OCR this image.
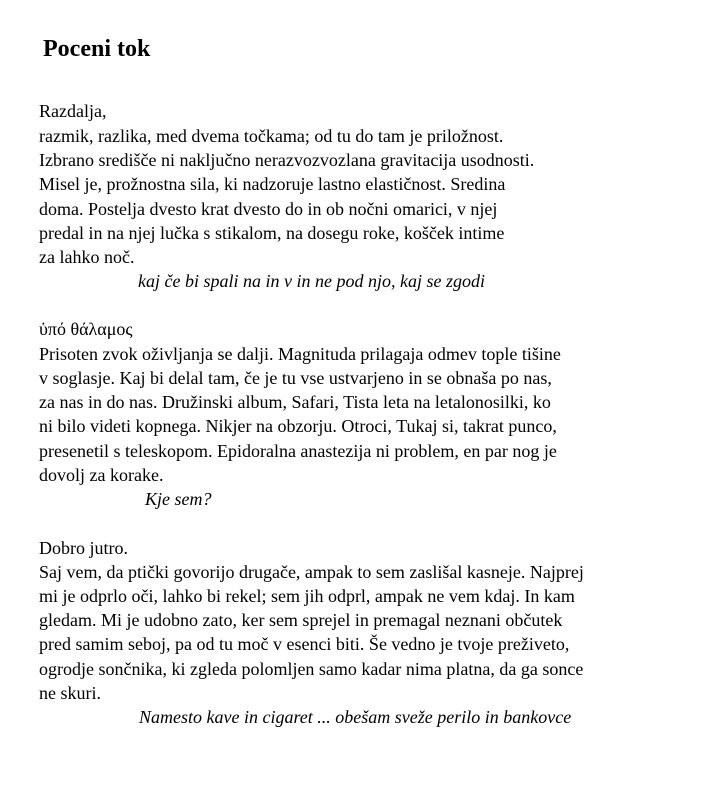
Poceni tok
Razdalja,
razmik, razlika, med dvema točkama; od tu do tam je priložnost.
Izbrano središče ni naključno nerazvozvozlana gravitacija usodnosti.
Misel je, prožnostna sila, ki nadzoruje lastno elastičnost. Sredina
doma. Postelja dvesto krat dvesto do in ob nočni omarici, v njej
predal in na njej lučka s stikalom, na dosegu roke, košček intime
za lahko noč.
kaj če bi spali na in v in ne pod njo, kaj se zgodi
ὑπό θάλαμος
Prisoten zvok oživljanja se dalji. Magnituda prilagaja odmev tople tišine
v soglasje. Kaj bi delal tam, če je tu vse ustvarjeno in se obnaša po nas,
za nas in do nas. Družinski album, Safari, Tista leta na letalonosilki, ko
ni bilo videti kopnega. Nikjer na obzorju. Otroci, Tukaj si, takrat punco,
presenetil s teleskopom. Epidoralna anastezija ni problem, en par nog je
dovolj za korake.
Kje sem?
Dobro jutro.
Saj vem, da ptički govorijo drugače, ampak to sem zaslišal kasneje. Najprej
mi je odprlo oči, lahko bi rekel; sem jih odprl, ampak ne vem kdaj. In kam
gledam. Mi je udobno zato, ker sem sprejel in premagal neznani občutek
pred samim seboj, pa od tu moč v esenci biti. Še vedno je tvoje preživeto,
ogrodje sončnika, ki zgleda polomljen samo kadar nima platna, da ga sonce
ne skuri.
Namesto kave in cigaret ... obešam sveže perilo in bankovce
